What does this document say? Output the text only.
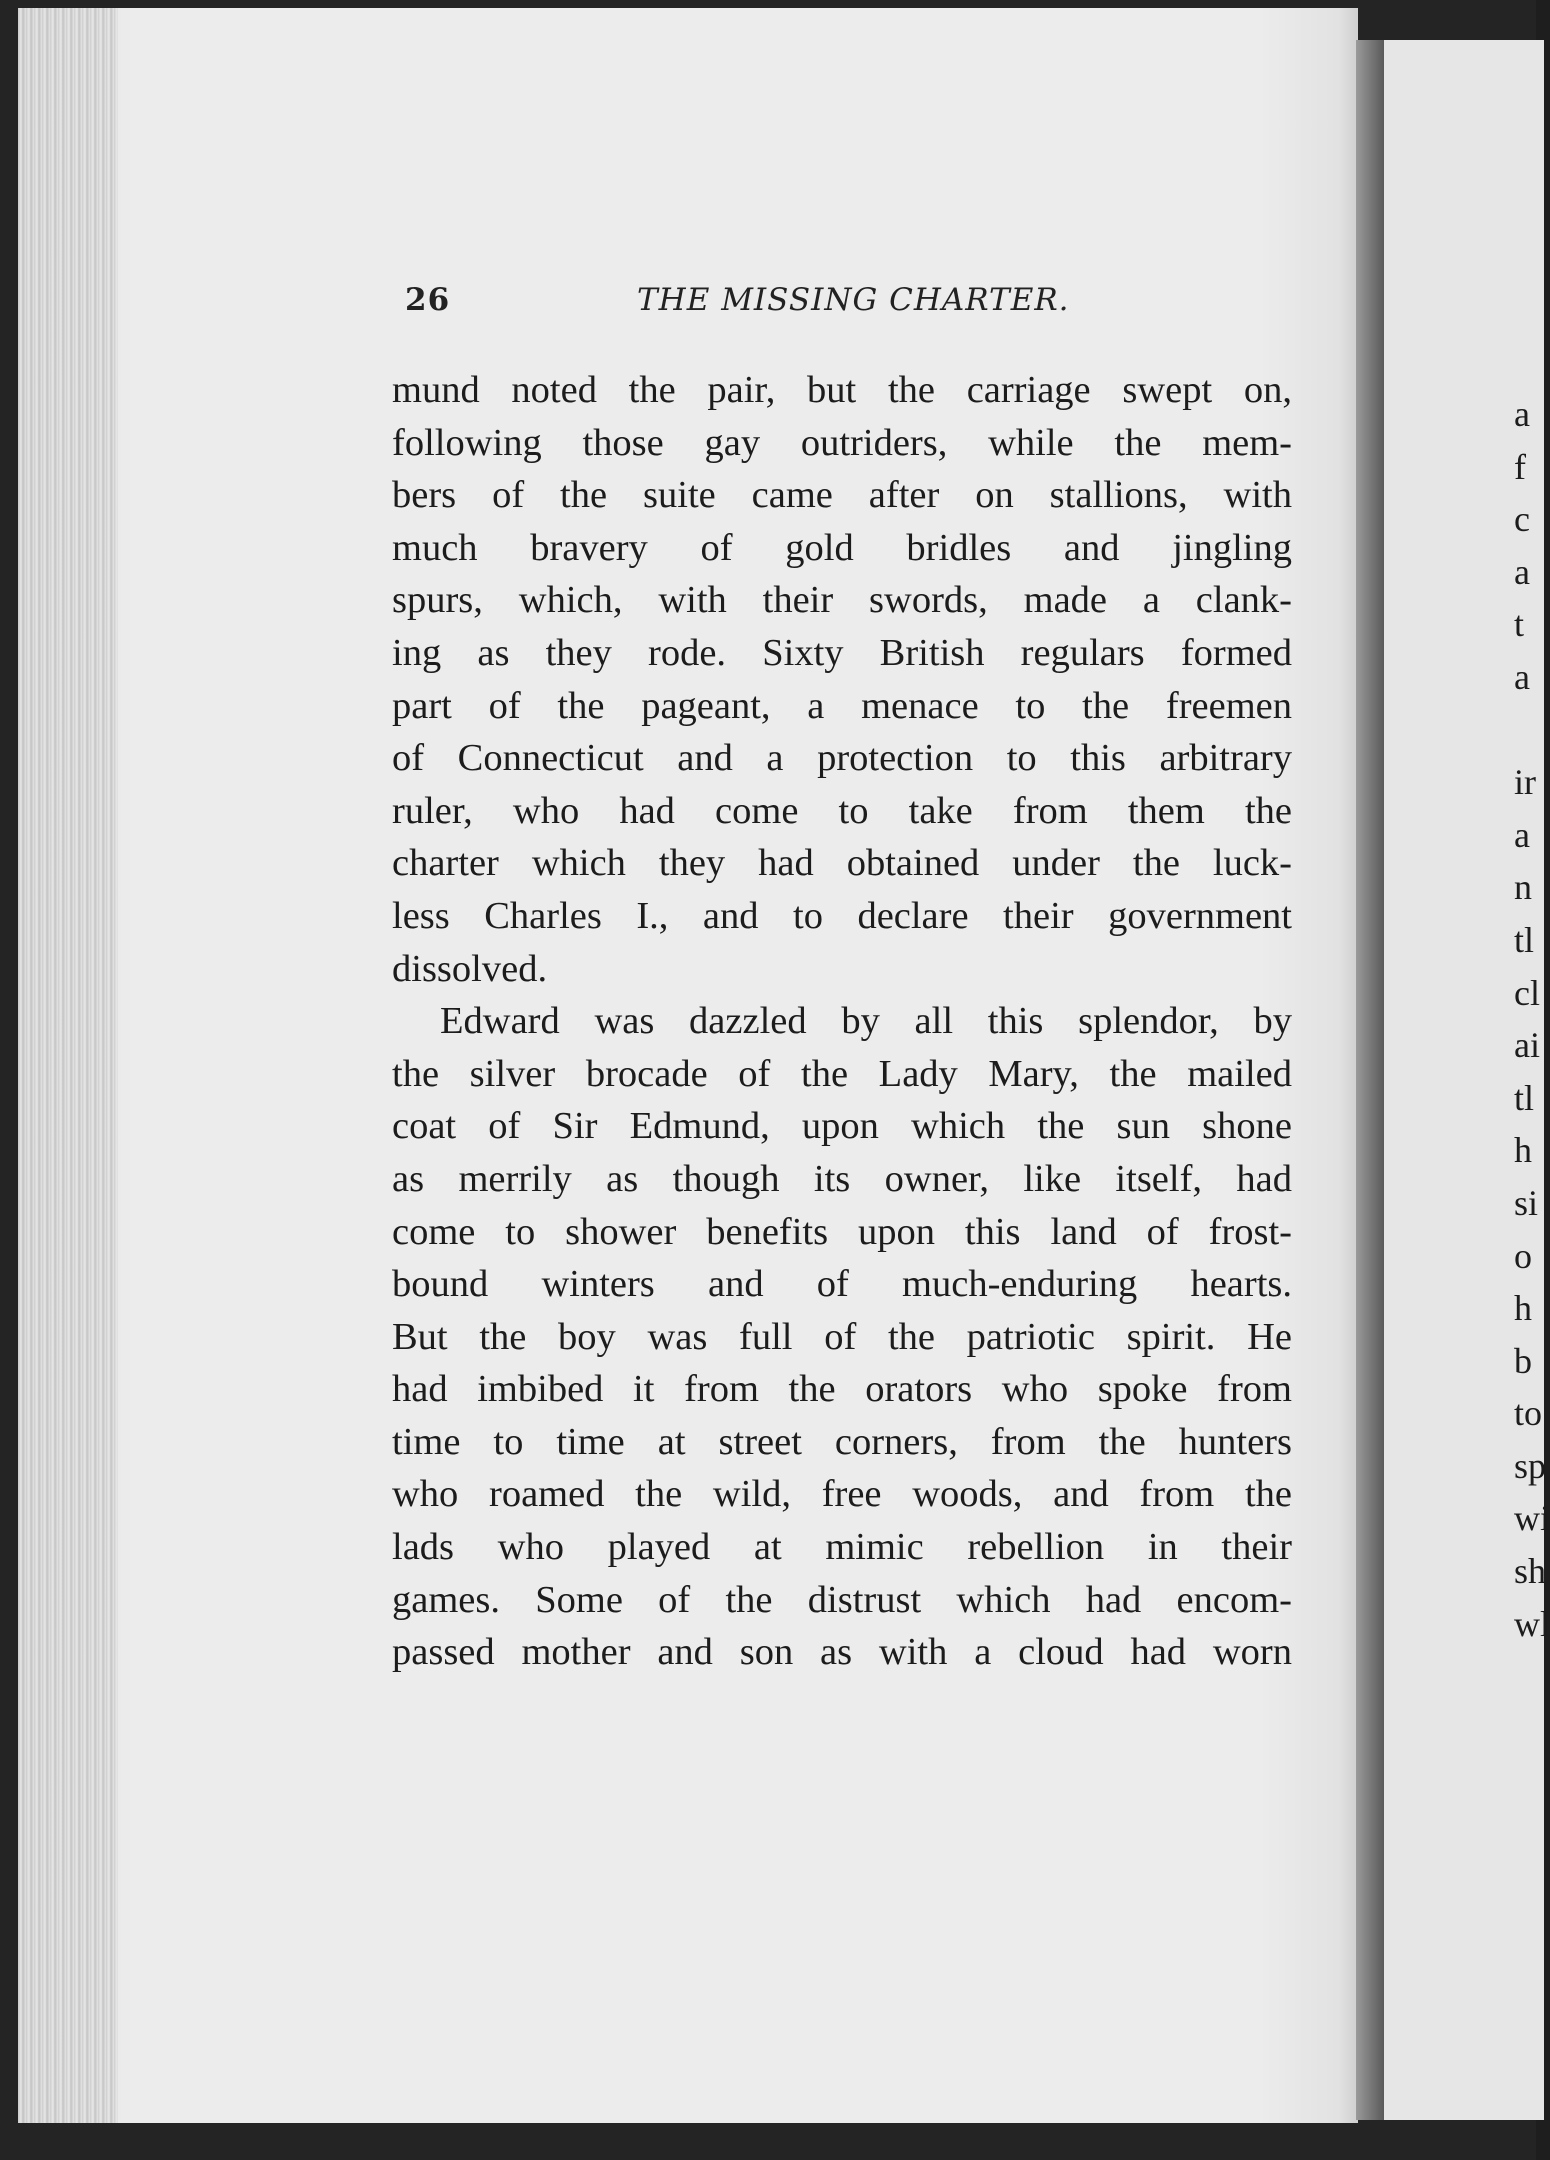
26	THE MISSING CHARTER.
mund noted the pair, but the carriage swept on,
following those gay outriders, while the mem-
bers of the suite came after on stallions, with
much bravery of gold bridles and jingling
spurs, which, with their swords, made a clank-
ing as they rode. Sixty British regulars formed
part of the pageant, a menace to the freemen
of Connecticut and a protection to this arbitrary
ruler, who had come to take from them the
charter which they had obtained under the luck-
less Charles I., and to declare their government
dissolved.
Edward was dazzled by all this splendor, by
the silver brocade of the Lady Mary, the mailed
coat of Sir Edmund, upon which the sun shone
as merrily as though its owner, like itself, had
come to shower benefits upon this land of frost-
bound winters and of much-enduring hearts.
But the boy was full of the patriotic spirit. He
had imbibed it from the orators who spoke from
time to time at street corners, from the hunters
who roamed the wild, free woods, and from the
lads who played at mimic rebellion in their
games. Some of the distrust which had encom-
passed mother and son as with a cloud had worn
a
f
c
a
t
a
ir
a
n
tl
cl
ai
tl
h
si
o
h
b
to
sp
wi
sh
wl
